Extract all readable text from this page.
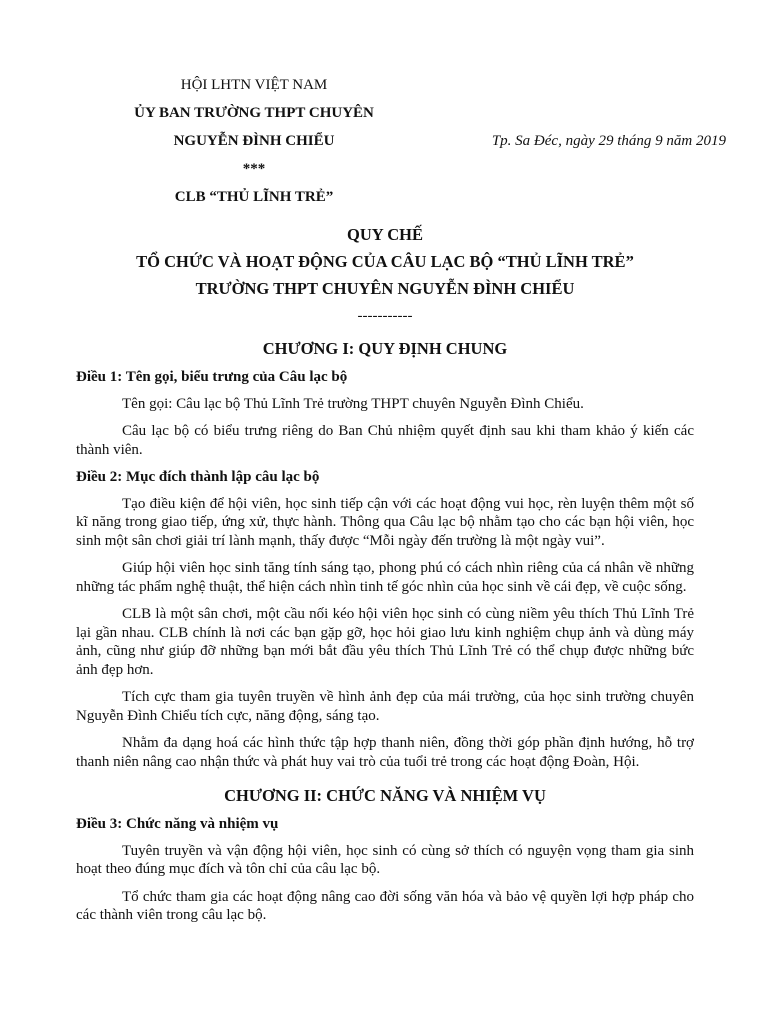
HỘI LHTN VIỆT NAM
ỦY BAN TRƯỜNG THPT CHUYÊN
NGUYỄN ĐÌNH CHIỂU
***
CLB “THỦ LĨNH TRẺ”
Tp. Sa Đéc, ngày 29 tháng 9 năm 2019
QUY CHẾ
TỔ CHỨC VÀ HOẠT ĐỘNG CỦA CÂU LẠC BỘ “THỦ LĨNH TRẺ”
TRƯỜNG THPT CHUYÊN NGUYỄN ĐÌNH CHIỂU
-----------
CHƯƠNG I: QUY ĐỊNH CHUNG
Điều 1: Tên gọi, biểu trưng của Câu lạc bộ

Tên gọi: Câu lạc bộ Thủ Lĩnh Trẻ trường THPT chuyên Nguyễn Đình Chiểu.

Câu lạc bộ có biểu trưng riêng do Ban Chủ nhiệm quyết định sau khi tham khảo ý kiến các thành viên.

Điều 2: Mục đích thành lập câu lạc bộ

Tạo điều kiện để hội viên, học sinh tiếp cận với các hoạt động vui học, rèn luyện thêm một số kĩ năng trong giao tiếp, ứng xử, thực hành. Thông qua Câu lạc bộ nhằm tạo cho các bạn hội viên, học sinh một sân chơi giải trí lành mạnh, thấy được “Mỗi ngày đến trường là một ngày vui”.

Giúp hội viên học sinh tăng tính sáng tạo, phong phú có cách nhìn riêng của cá nhân về những những tác phẩm nghệ thuật, thể hiện cách nhìn tinh tế góc nhìn của học sinh về cái đẹp, về cuộc sống.

CLB là một sân chơi, một cầu nối kéo hội viên học sinh có cùng niềm yêu thích Thủ Lĩnh Trẻ lại gần nhau. CLB chính là nơi các bạn gặp gỡ, học hỏi giao lưu kinh nghiệm chụp ảnh và dùng máy ảnh, cũng như giúp đỡ những bạn mới bắt đầu yêu thích Thủ Lĩnh Trẻ có thể chụp được những bức ảnh đẹp hơn.

Tích cực tham gia tuyên truyền về hình ảnh đẹp của mái trường, của học sinh trường chuyên Nguyễn Đình Chiểu tích cực, năng động, sáng tạo.

Nhằm đa dạng hoá các hình thức tập hợp thanh niên, đồng thời góp phần định hướng, hỗ trợ thanh niên nâng cao nhận thức và phát huy vai trò của tuổi trẻ trong các hoạt động Đoàn, Hội.

CHƯƠNG II: CHỨC NĂNG VÀ NHIỆM VỤ
Điều 3: Chức năng và nhiệm vụ

Tuyên truyền và vận động hội viên, học sinh có cùng sở thích có nguyện vọng tham gia sinh hoạt theo đúng mục đích và tôn chỉ của câu lạc bộ.

Tổ chức tham gia các hoạt động nâng cao đời sống văn hóa và bảo vệ quyền lợi hợp pháp cho các thành viên trong câu lạc bộ.
